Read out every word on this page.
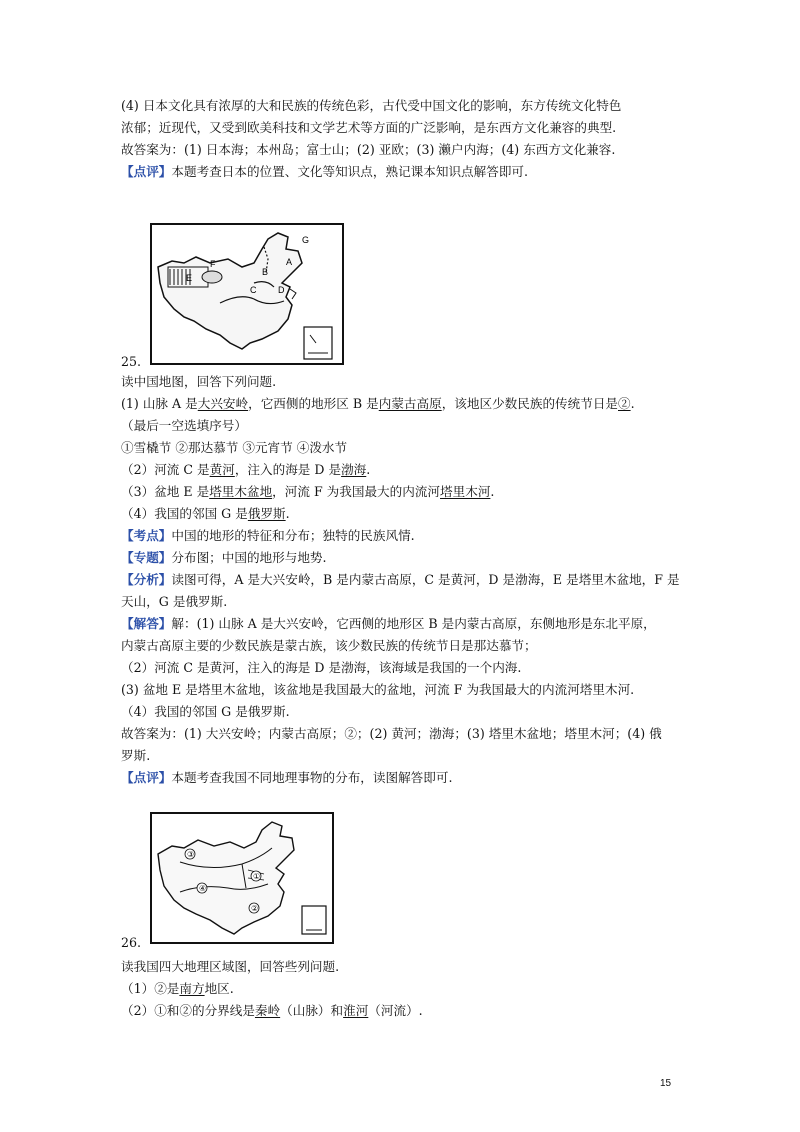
(4) 日本文化具有浓厚的大和民族的传统色彩，古代受中国文化的影响，东方传统文化特色
浓郁；近现代，又受到欧美科技和文学艺术等方面的广泛影响，是东西方文化兼容的典型.
故答案为：(1) 日本海；本州岛；富士山；(2) 亚欧；(3) 濑户内海；(4) 东西方文化兼容.
【点评】本题考查日本的位置、文化等知识点，熟记课本知识点解答即可.
A
B
C D
E
F
G
25.
读中国地图，回答下列问题.
(1) 山脉 A 是大兴安岭，它西侧的地形区 B 是内蒙古高原，该地区少数民族的传统节日是②.
（最后一空选填序号）
①雪橇节 ②那达慕节 ③元宵节 ④泼水节
（2）河流 C 是黄河，注入的海是 D 是渤海.
（3）盆地 E 是塔里木盆地，河流 F 为我国最大的内流河塔里木河.
（4）我国的邻国 G 是俄罗斯.
【考点】中国的地形的特征和分布；独特的民族风情.
【专题】分布图；中国的地形与地势.
【分析】读图可得，A 是大兴安岭，B 是内蒙古高原，C 是黄河，D 是渤海，E 是塔里木盆地，F 是
天山，G 是俄罗斯.
【解答】解：(1) 山脉 A 是大兴安岭，它西侧的地形区 B 是内蒙古高原，东侧地形是东北平原，
内蒙古高原主要的少数民族是蒙古族，该少数民族的传统节日是那达慕节；
（2）河流 C 是黄河，注入的海是 D 是渤海，该海域是我国的一个内海.
(3) 盆地 E 是塔里木盆地，该盆地是我国最大的盆地，河流 F 为我国最大的内流河塔里木河.
（4）我国的邻国 G 是俄罗斯.
故答案为：(1) 大兴安岭；内蒙古高原；②；(2) 黄河；渤海；(3) 塔里木盆地；塔里木河；(4) 俄
罗斯.
【点评】本题考查我国不同地理事物的分布，读图解答即可.
①
②
③
④
26.
读我国四大地理区域图，回答些列问题.
（1）②是南方地区.
（2）①和②的分界线是秦岭（山脉）和淮河（河流）.
15
